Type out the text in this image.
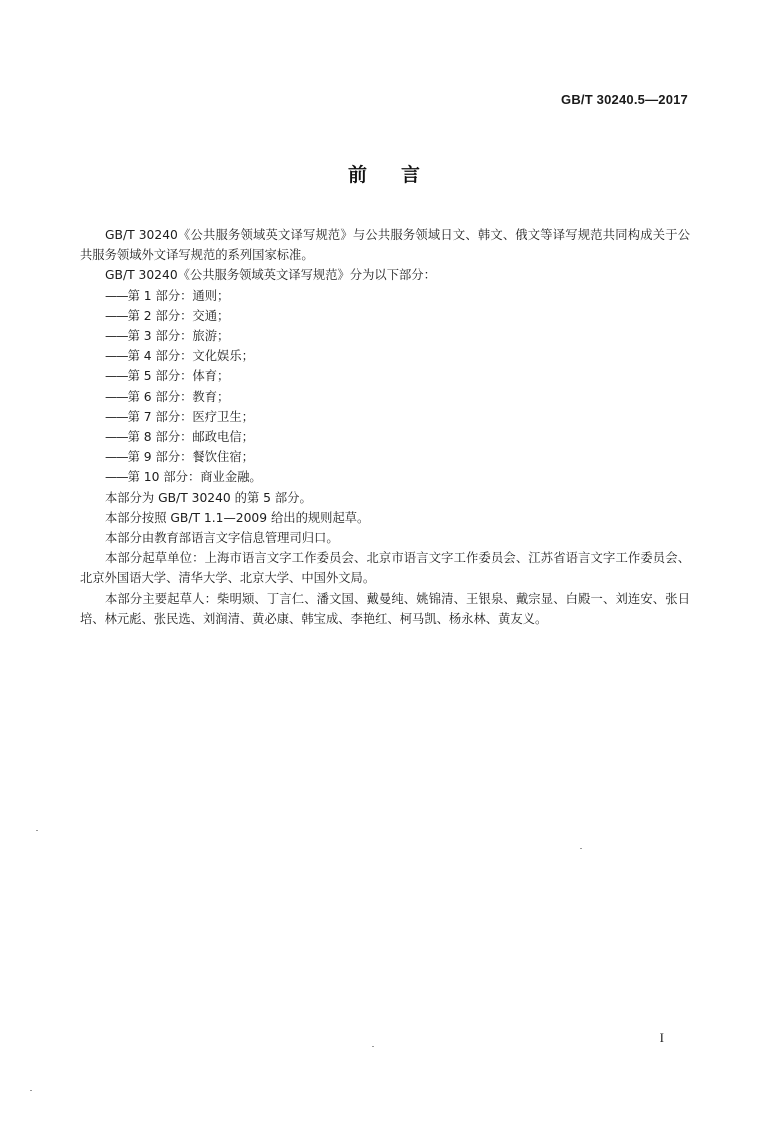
GB/T 30240.5—2017
前言

GB/T 30240《公共服务领域英文译写规范》与公共服务领域日文、韩文、俄文等译写规范共同构成关于公共服务领域外文译写规范的系列国家标准。

GB/T 30240《公共服务领域英文译写规范》分为以下部分：

——第 1 部分：通则；

——第 2 部分：交通；

——第 3 部分：旅游；

——第 4 部分：文化娱乐；

——第 5 部分：体育；

——第 6 部分：教育；

——第 7 部分：医疗卫生；

——第 8 部分：邮政电信；

——第 9 部分：餐饮住宿；

——第 10 部分：商业金融。

本部分为 GB/T 30240 的第 5 部分。

本部分按照 GB/T 1.1—2009 给出的规则起草。

本部分由教育部语言文字信息管理司归口。

本部分起草单位：上海市语言文字工作委员会、北京市语言文字工作委员会、江苏省语言文字工作委员会、北京外国语大学、清华大学、北京大学、中国外文局。

本部分主要起草人：柴明颎、丁言仁、潘文国、戴曼纯、姚锦清、王银泉、戴宗显、白殿一、刘连安、张日培、林元彪、张民选、刘润清、黄必康、韩宝成、李艳红、柯马凯、杨永林、黄友义。

I
